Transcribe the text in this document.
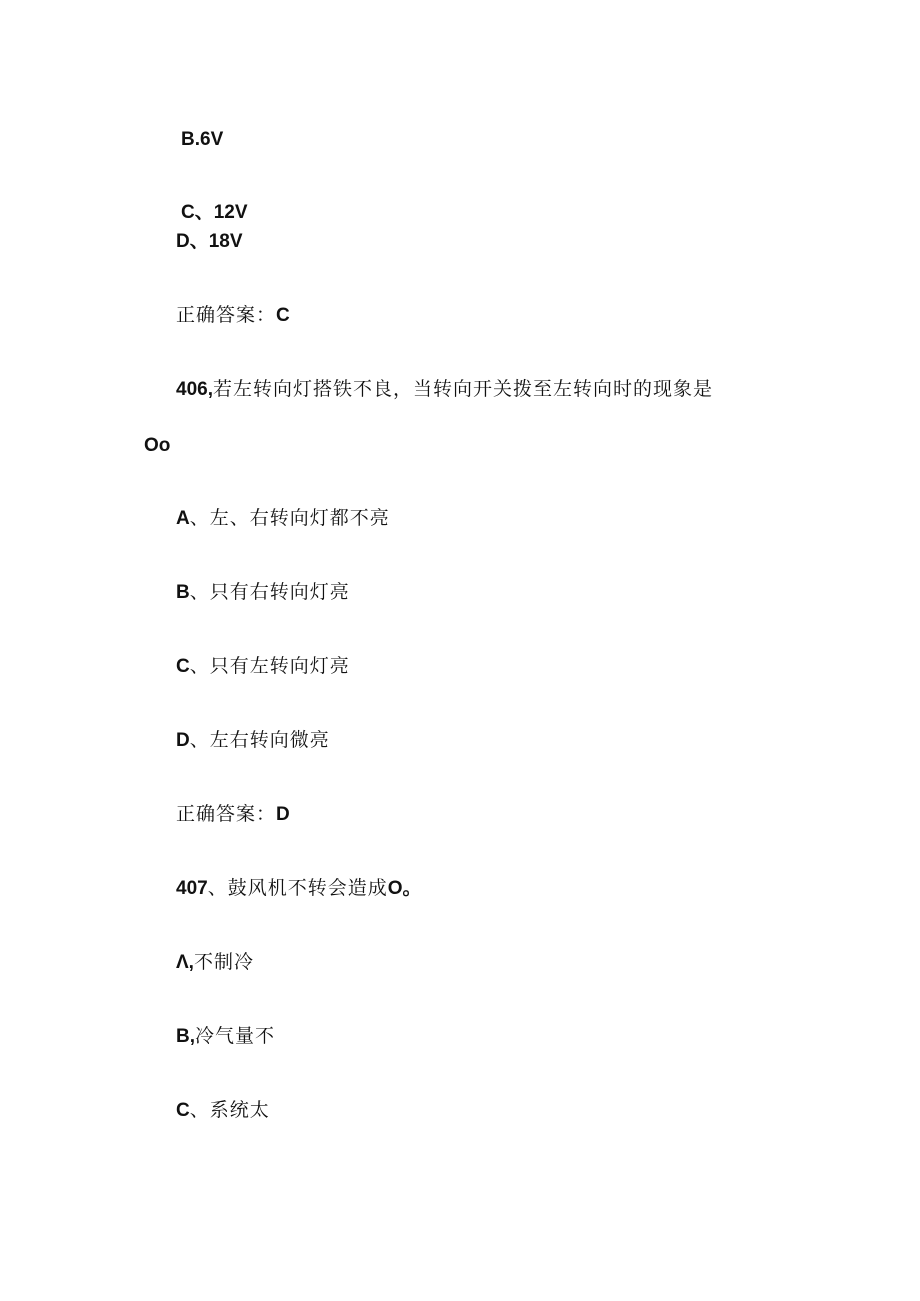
B.6V
C、12V
D、18V
正确答案：C
406,若左转向灯搭铁不良，当转向开关拨至左转向时的现象是
Oo
A、左、右转向灯都不亮
B、只有右转向灯亮
C、只有左转向灯亮
D、左右转向微亮
正确答案：D
407、鼓风机不转会造成O。
Λ,不制冷
B,冷气量不
C、系统太
